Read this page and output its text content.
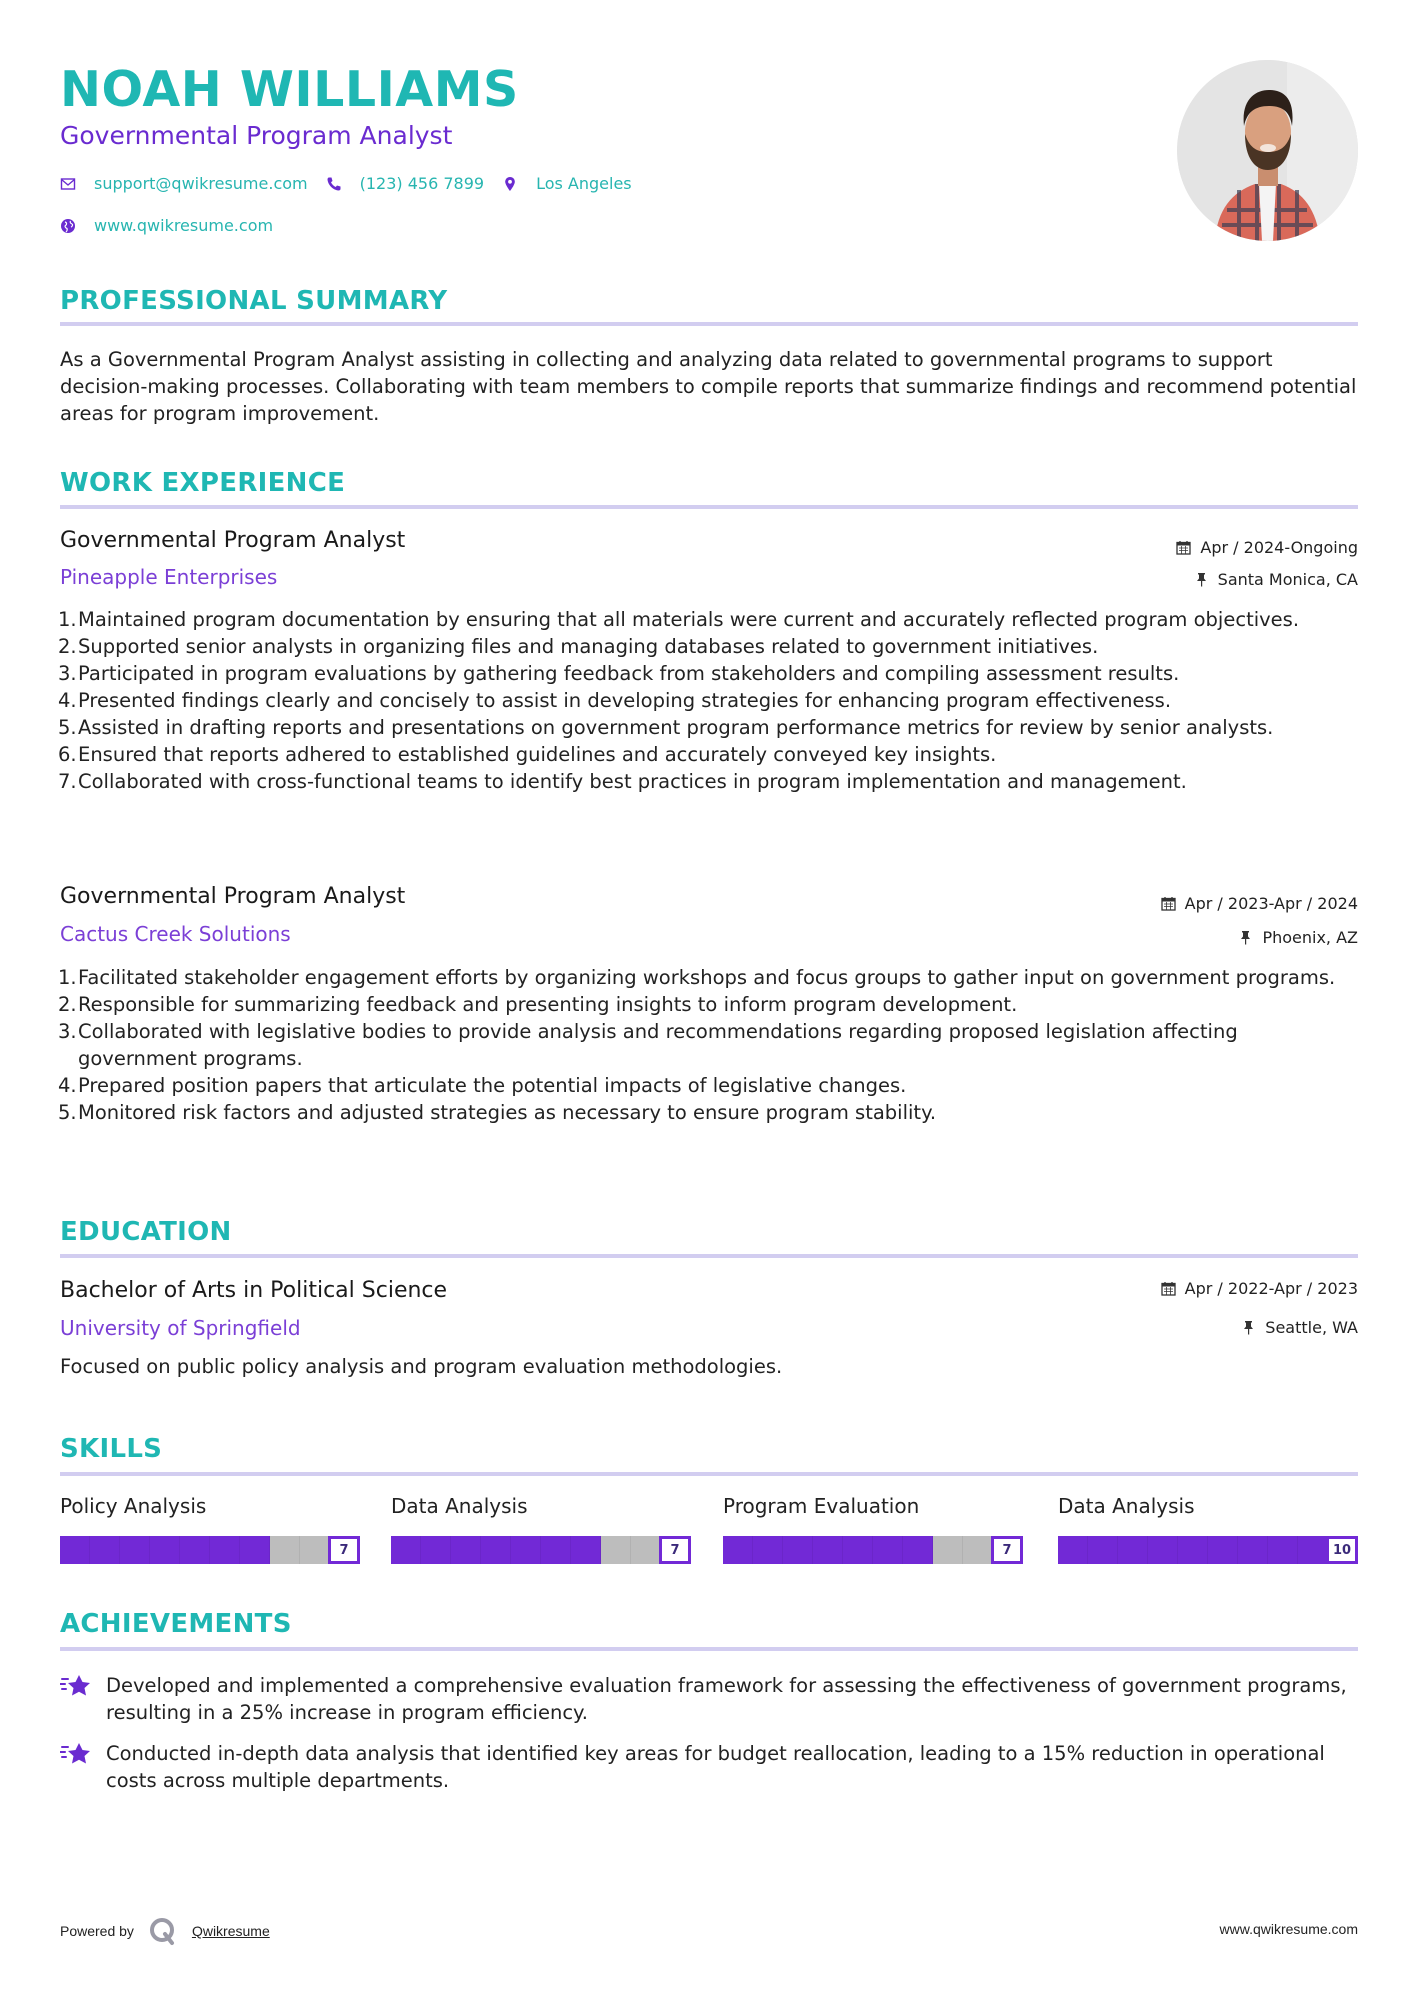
NOAH WILLIAMS
Governmental Program Analyst
support@qwikresume.com	(123) 456 7899	Los Angeles
www.qwikresume.com
PROFESSIONAL SUMMARY
As a Governmental Program Analyst assisting in collecting and analyzing data related to governmental programs to support decision-making processes. Collaborating with team members to compile reports that summarize findings and recommend potential areas for program improvement.
WORK EXPERIENCE
Governmental Program Analyst	Apr / 2024-Ongoing
Pineapple Enterprises	Santa Monica, CA
Maintained program documentation by ensuring that all materials were current and accurately reflected program objectives.
Supported senior analysts in organizing files and managing databases related to government initiatives.
Participated in program evaluations by gathering feedback from stakeholders and compiling assessment results.
Presented findings clearly and concisely to assist in developing strategies for enhancing program effectiveness.
Assisted in drafting reports and presentations on government program performance metrics for review by senior analysts.
Ensured that reports adhered to established guidelines and accurately conveyed key insights.
Collaborated with cross-functional teams to identify best practices in program implementation and management.
Governmental Program Analyst	Apr / 2023-Apr / 2024
Cactus Creek Solutions	Phoenix, AZ
Facilitated stakeholder engagement efforts by organizing workshops and focus groups to gather input on government programs.
Responsible for summarizing feedback and presenting insights to inform program development.
Collaborated with legislative bodies to provide analysis and recommendations regarding proposed legislation affecting government programs.
Prepared position papers that articulate the potential impacts of legislative changes.
Monitored risk factors and adjusted strategies as necessary to ensure program stability.
EDUCATION
Bachelor of Arts in Political Science	Apr / 2022-Apr / 2023
University of Springfield	Seattle, WA
Focused on public policy analysis and program evaluation methodologies.
SKILLS
Policy Analysis
7
Data Analysis
7
Program Evaluation
7
Data Analysis
10
ACHIEVEMENTS
Developed and implemented a comprehensive evaluation framework for assessing the effectiveness of government programs, resulting in a 25% increase in program efficiency.
Conducted in-depth data analysis that identified key areas for budget reallocation, leading to a 15% reduction in operational costs across multiple departments.
Powered by	Qwikresume	www.qwikresume.com
